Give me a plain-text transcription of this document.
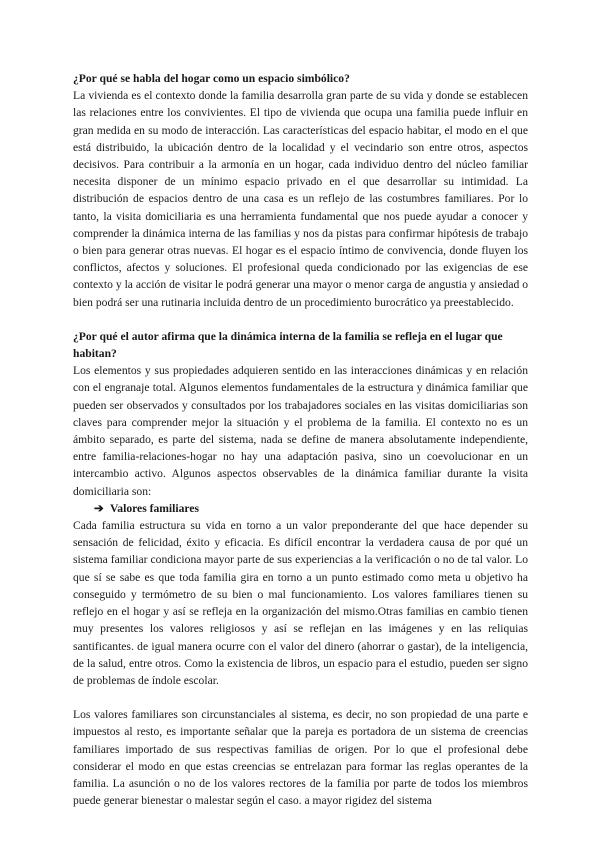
¿Por qué se habla del hogar como un espacio simbólico?

La vivienda es el contexto donde la familia desarrolla gran parte de su vida y donde se establecen las relaciones entre los convivientes. El tipo de vivienda que ocupa una familia puede influir en gran medida en su modo de interacción. Las características del espacio habitar, el modo en el que está distribuido, la ubicación dentro de la localidad y el vecindario son entre otros, aspectos decisivos. Para contribuir a la armonía en un hogar, cada individuo dentro del núcleo familiar necesita disponer de un mínimo espacio privado en el que desarrollar su intimidad. La distribución de espacios dentro de una casa es un reflejo de las costumbres familiares. Por lo tanto, la visita domiciliaria es una herramienta fundamental que nos puede ayudar a conocer y comprender la dinámica interna de las familias y nos da pistas para confirmar hipótesis de trabajo o bien para generar otras nuevas. El hogar es el espacio íntimo de convivencia, donde fluyen los conflictos, afectos y soluciones. El profesional queda condicionado por las exigencias de ese contexto y la acción de visitar le podrá generar una mayor o menor carga de angustia y ansiedad o bien podrá ser una rutinaria incluida dentro de un procedimiento burocrático ya preestablecido.

¿Por qué el autor afirma que la dinámica interna de la familia se refleja en el lugar que habitan?

Los elementos y sus propiedades adquieren sentido en las interacciones dinámicas y en relación con el engranaje total. Algunos elementos fundamentales de la estructura y dinámica familiar que pueden ser observados y consultados por los trabajadores sociales en las visitas domiciliarias son claves para comprender mejor la situación y el problema de la familia. El contexto no es un ámbito separado, es parte del sistema, nada se define de manera absolutamente independiente, entre familia-relaciones-hogar no hay una adaptación pasiva, sino un coevolucionar en un intercambio activo. Algunos aspectos observables de la dinámica familiar durante la visita domiciliaria son:

➔ Valores familiares

Cada familia estructura su vida en torno a un valor preponderante del que hace depender su sensación de felicidad, éxito y eficacia. Es difícil encontrar la verdadera causa de por qué un sistema familiar condiciona mayor parte de sus experiencias a la verificación o no de tal valor. Lo que sí se sabe es que toda familia gira en torno a un punto estimado como meta u objetivo ha conseguido y termómetro de su bien o mal funcionamiento. Los valores familiares tienen su reflejo en el hogar y así se refleja en la organización del mismo.Otras familias en cambio tienen muy presentes los valores religiosos y así se reflejan en las imágenes y en las reliquias santificantes. de igual manera ocurre con el valor del dinero (ahorrar o gastar), de la inteligencia, de la salud, entre otros. Como la existencia de libros, un espacio para el estudio, pueden ser signo de problemas de índole escolar.

Los valores familiares son circunstanciales al sistema, es decir, no son propiedad de una parte e impuestos al resto, es importante señalar que la pareja es portadora de un sistema de creencias familiares importado de sus respectivas familias de origen. Por lo que el profesional debe considerar el modo en que estas creencias se entrelazan para formar las reglas operantes de la familia. La asunción o no de los valores rectores de la familia por parte de todos los miembros puede generar bienestar o malestar según el caso. a mayor rigidez del sistema
